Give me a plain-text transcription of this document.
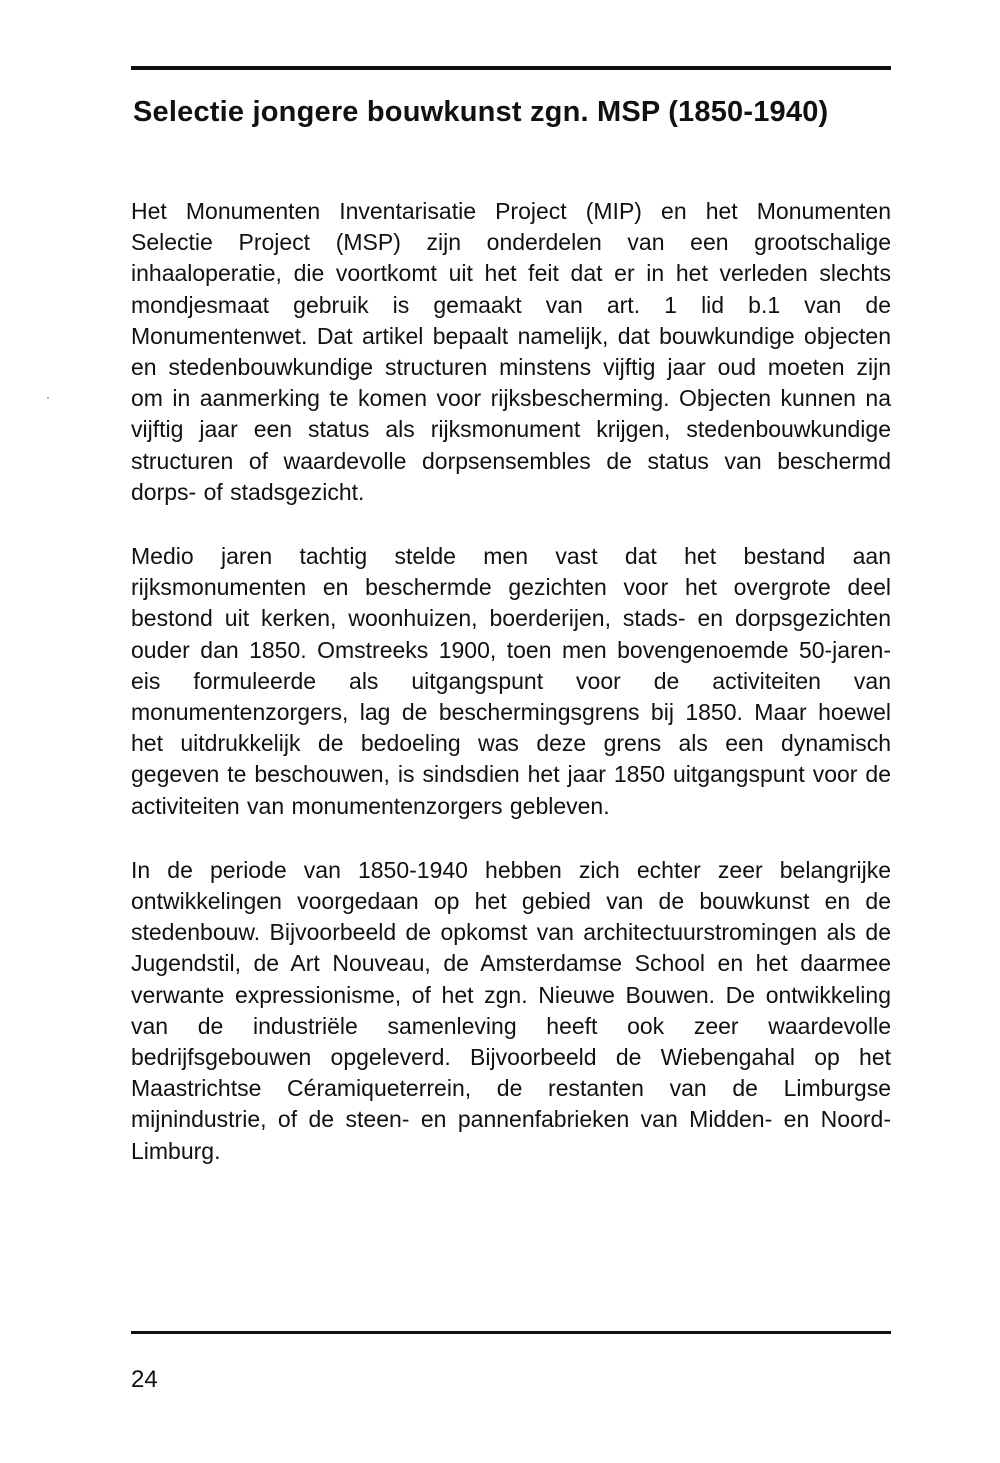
Selectie jongere bouwkunst zgn. MSP (1850-1940)

Het Monumenten Inventarisatie Project (MIP) en het Monumenten Selectie Project (MSP) zijn onderdelen van een grootschalige inhaaloperatie, die voortkomt uit het feit dat er in het verleden slechts mondjesmaat gebruik is gemaakt van art. 1 lid b.1 van de Monumentenwet. Dat artikel bepaalt namelijk, dat bouwkundige objecten en stedenbouwkundige structuren minstens vijftig jaar oud moeten zijn om in aanmerking te komen voor rijksbescherming. Objecten kunnen na vijftig jaar een status als rijksmonument krijgen, stedenbouwkundige structuren of waardevolle dorpsensembles de status van beschermd dorps- of stadsgezicht.

Medio jaren tachtig stelde men vast dat het bestand aan rijksmonumenten en beschermde gezichten voor het overgrote deel bestond uit kerken, woonhuizen, boerderijen, stads- en dorpsgezichten ouder dan 1850. Omstreeks 1900, toen men bovengenoemde 50-jaren-eis formuleerde als uitgangspunt voor de activiteiten van monumentenzorgers, lag de beschermingsgrens bij 1850. Maar hoewel het uitdrukkelijk de bedoeling was deze grens als een dynamisch gegeven te beschouwen, is sindsdien het jaar 1850 uitgangspunt voor de activiteiten van monumentenzorgers gebleven.

In de periode van 1850-1940 hebben zich echter zeer belangrijke ontwikkelingen voorgedaan op het gebied van de bouwkunst en de stedenbouw. Bijvoorbeeld de opkomst van architectuurstromingen als de Jugendstil, de Art Nouveau, de Amsterdamse School en het daarmee verwante expressionisme, of het zgn. Nieuwe Bouwen. De ontwikkeling van de industriële samenleving heeft ook zeer waardevolle bedrijfsgebouwen opgeleverd. Bijvoorbeeld de Wiebengahal op het Maastrichtse Céramiqueterrein, de restanten van de Limburgse mijnindustrie, of de steen- en pannenfabrieken van Midden- en Noord-Limburg.

24
